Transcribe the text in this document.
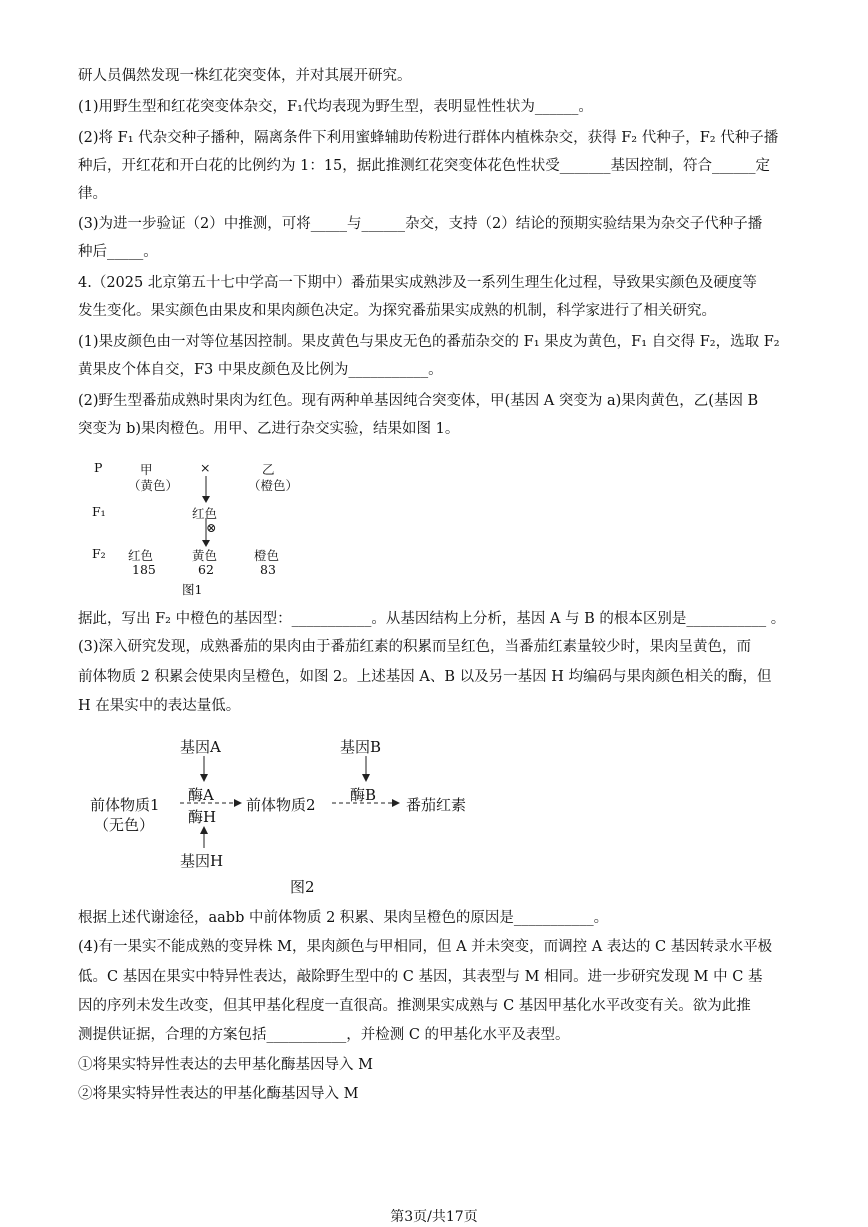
研人员偶然发现一株红花突变体，并对其展开研究。
(1)用野生型和红花突变体杂交，F₁代均表现为野生型，表明显性性状为______。
(2)将 F₁ 代杂交种子播种，隔离条件下利用蜜蜂辅助传粉进行群体内植株杂交，获得 F₂ 代种子，F₂ 代种子播
种后，开红花和开白花的比例约为 1：15，据此推测红花突变体花色性状受_______基因控制，符合______定
律。
(3)为进一步验证（2）中推测，可将_____与______杂交，支持（2）结论的预期实验结果为杂交子代种子播
种后_____。
4.（2025 北京第五十七中学高一下期中）番茄果实成熟涉及一系列生理生化过程，导致果实颜色及硬度等
发生变化。果实颜色由果皮和果肉颜色决定。为探究番茄果实成熟的机制，科学家进行了相关研究。
(1)果皮颜色由一对等位基因控制。果皮黄色与果皮无色的番茄杂交的 F₁ 果皮为黄色，F₁ 自交得 F₂，选取 F₂
黄果皮个体自交，F3 中果皮颜色及比例为___________。
(2)野生型番茄成熟时果肉为红色。现有两种单基因纯合突变体，甲(基因 A 突变为 a)果肉黄色，乙(基因 B
突变为 b)果肉橙色。用甲、乙进行杂交实验，结果如图 1。
P	甲
（黄色）
×	乙
（橙色）
F₁	红色
⊗
F₂ 红色
185
黄色
62
橙色
83
图1
据此，写出 F₂ 中橙色的基因型：___________。从基因结构上分析，基因 A 与 B 的根本区别是___________ 。
(3)深入研究发现，成熟番茄的果肉由于番茄红素的积累而呈红色，当番茄红素量较少时，果肉呈黄色，而
前体物质 2 积累会使果肉呈橙色，如图 2。上述基因 A、B 以及另一基因 H 均编码与果肉颜色相关的酶，但
H 在果实中的表达量低。
基因A
酶A
酶H
基因H
基因B
酶B
前体物质1
（无色）
前体物质2	番茄红素
图2
根据上述代谢途径，aabb 中前体物质 2 积累、果肉呈橙色的原因是___________。
(4)有一果实不能成熟的变异株 M，果肉颜色与甲相同，但 A 并未突变，而调控 A 表达的 C 基因转录水平极
低。C 基因在果实中特异性表达，敲除野生型中的 C 基因，其表型与 M 相同。进一步研究发现 M 中 C 基
因的序列未发生改变，但其甲基化程度一直很高。推测果实成熟与 C 基因甲基化水平改变有关。欲为此推
测提供证据，合理的方案包括___________，并检测 C 的甲基化水平及表型。
①将果实特异性表达的去甲基化酶基因导入 M
②将果实特异性表达的甲基化酶基因导入 M
第3页/共17页
